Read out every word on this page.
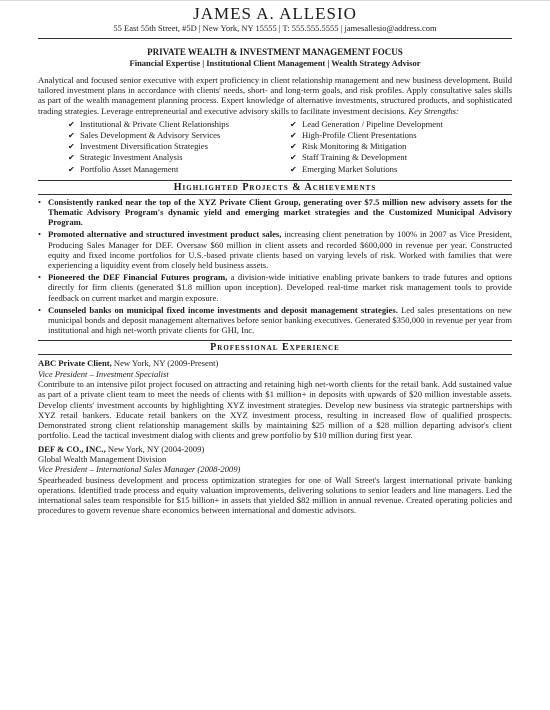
JAMES A. ALLESIO
55 East 55th Street, #5D | New York, NY 15555 | T: 555.555.5555 | jamesallesio@address.com
PRIVATE WEALTH & INVESTMENT MANAGEMENT FOCUS
Financial Expertise | Institutional Client Management | Wealth Strategy Advisor

Analytical and focused senior executive with expert proficiency in client relationship management and new business development. Build tailored investment plans in accordance with clients' needs, short- and long-term goals, and risk profiles. Apply consultative sales skills as part of the wealth management planning process. Expert knowledge of alternative investments, structured products, and sophisticated trading strategies. Leverage entrepreneurial and executive advisory skills to facilitate investment decisions. Key Strengths:

✔ Institutional & Private Client Relationships
✔ Sales Development & Advisory Services
✔ Investment Diversification Strategies
✔ Strategic Investment Analysis
✔ Portfolio Asset Management
✔ Lead Generation / Pipeline Development
✔ High-Profile Client Presentations
✔ Risk Monitoring & Mitigation
✔ Staff Training & Development
✔ Emerging Market Solutions
Highlighted Projects & Achievements
• Consistently ranked near the top of the XYZ Private Client Group, generating over $7.5 million new advisory assets for the Thematic Advisory Program's dynamic yield and emerging market strategies and the Customized Municipal Advisory Program.
• Promoted alternative and structured investment product sales, increasing client penetration by 100% in 2007 as Vice President, Producing Sales Manager for DEF. Oversaw $60 million in client assets and recorded $600,000 in revenue per year. Constructed equity and fixed income portfolios for U.S.-based private clients based on varying levels of risk. Worked with families that were experiencing a liquidity event from closely held business assets.
• Pioneered the DEF Financial Futures program, a division-wide initiative enabling private bankers to trade futures and options directly for firm clients (generated $1.8 million upon inception). Developed real-time market risk management tools to provide feedback on current market and margin exposure.
• Counseled banks on municipal fixed income investments and deposit management strategies. Led sales presentations on new municipal bonds and deposit management alternatives before senior banking executives. Generated $350,000 in revenue per year from institutional and high net-worth private clients for GHI, Inc.
Professional Experience
ABC Private Client, New York, NY (2009-Present)
Vice President – Investment Specialist

Contribute to an intensive pilot project focused on attracting and retaining high net-worth clients for the retail bank. Add sustained value as part of a private client team to meet the needs of clients with $1 million+ in deposits with upwards of $20 million investable assets. Develop clients' investment accounts by highlighting XYZ investment strategies. Develop new business via strategic partnerships with XYZ retail bankers. Educate retail bankers on the XYZ investment process, resulting in increased flow of qualified prospects. Demonstrated strong client relationship management skills by maintaining $25 million of a $28 million departing advisor's client portfolio. Lead the tactical investment dialog with clients and grew portfolio by $10 million during first year.

DEF & CO., INC., New York, NY (2004-2009)
Global Wealth Management Division
Vice President – International Sales Manager (2008-2009)

Spearheaded business development and process optimization strategies for one of Wall Street's largest international private banking operations. Identified trade process and equity valuation improvements, delivering solutions to senior leaders and line managers. Led the international sales team responsible for $15 billion+ in assets that yielded $82 million in annual revenue. Created operating policies and procedures to govern revenue share economics between international and domestic advisors.
